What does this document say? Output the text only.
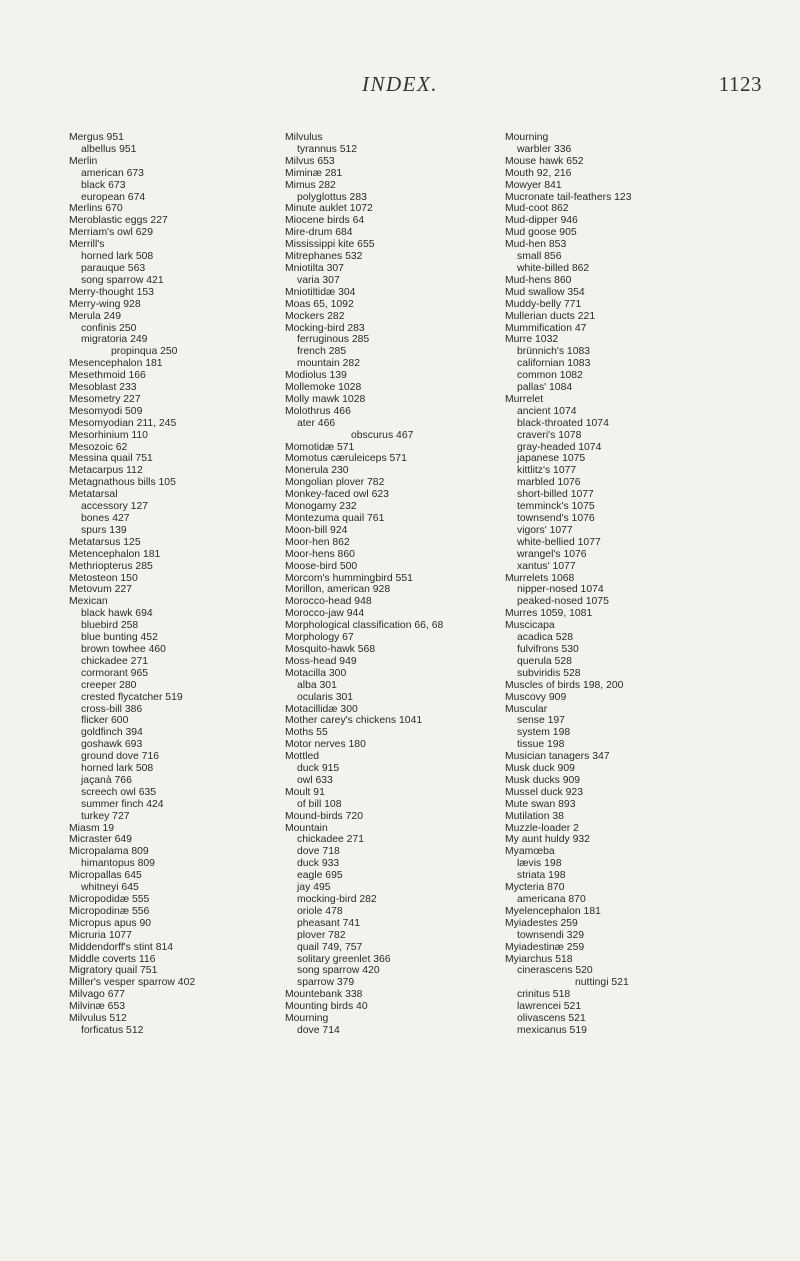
INDEX.	1123
Mergus 951
albellus 951
Merlin
american 673
black 673
european 674
Merlins 670
Meroblastic eggs 227
Merriam's owl 629
Merrill's
horned lark 508
parauque 563
song sparrow 421
Merry-thought 153
Merry-wing 928
Merula 249
confinis 250
migratoria 249
propinqua 250
Mesencephalon 181
Mesethmoid 166
Mesoblast 233
Mesometry 227
Mesomyodi 509
Mesomyodian 211, 245
Mesorhinium 110
Mesozoic 62
Messina quail 751
Metacarpus 112
Metagnathous bills 105
Metatarsal
accessory 127
bones 427
spurs 139
Metatarsus 125
Metencephalon 181
Methriopterus 285
Metosteon 150
Metovum 227
Mexican
black hawk 694
bluebird 258
blue bunting 452
brown towhee 460
chickadee 271
cormorant 965
creeper 280
crested flycatcher 519
cross-bill 386
flicker 600
goldfinch 394
goshawk 693
ground dove 716
horned lark 508
jaçanà 766
screech owl 635
summer finch 424
turkey 727
Miasm 19
Micraster 649
Micropalama 809
himantopus 809
Micropallas 645
whitneyi 645
Micropodidæ 555
Micropodinæ 556
Micropus apus 90
Micruria 1077
Middendorff's stint 814
Middle coverts 116
Migratory quail 751
Miller's vesper sparrow 402
Milvago 677
Milvinæ 653
Milvulus 512
forficatus 512
Milvulus
tyrannus 512
Milvus 653
Miminæ 281
Mimus 282
polyglottus 283
Minute auklet 1072
Miocene birds 64
Mire-drum 684
Mississippi kite 655
Mitrephanes 532
Mniotilta 307
varia 307
Mniotiltidæ 304
Moas 65, 1092
Mockers 282
Mocking-bird 283
ferruginous 285
french 285
mountain 282
Modiolus 139
Mollemoke 1028
Molly mawk 1028
Molothrus 466
ater 466
obscurus 467
Momotidæ 571
Momotus cæruleiceps 571
Monerula 230
Mongolian plover 782
Monkey-faced owl 623
Monogamy 232
Montezuma quail 761
Moon-bill 924
Moor-hen 862
Moor-hens 860
Moose-bird 500
Morcom's hummingbird 551
Morillon, american 928
Morocco-head 948
Morocco-jaw 944
Morphological classification 66, 68
Morphology 67
Mosquito-hawk 568
Moss-head 949
Motacilla 300
alba 301
ocularis 301
Motacillidæ 300
Mother carey's chickens 1041
Moths 55
Motor nerves 180
Mottled
duck 915
owl 633
Moult 91
of bill 108
Mound-birds 720
Mountain
chickadee 271
dove 718
duck 933
eagle 695
jay 495
mocking-bird 282
oriole 478
pheasant 741
plover 782
quail 749, 757
solitary greenlet 366
song sparrow 420
sparrow 379
Mountebank 338
Mounting birds 40
Mourning
dove 714
Mourning
warbler 336
Mouse hawk 652
Mouth 92, 216
Mowyer 841
Mucronate tail-feathers 123
Mud-coot 862
Mud-dipper 946
Mud goose 905
Mud-hen 853
small 856
white-billed 862
Mud-hens 860
Mud swallow 354
Muddy-belly 771
Mullerian ducts 221
Mummification 47
Murre 1032
brünnich's 1083
californian 1083
common 1082
pallas' 1084
Murrelet
ancient 1074
black-throated 1074
craveri's 1078
gray-headed 1074
japanese 1075
kittlitz's 1077
marbled 1076
short-billed 1077
temminck's 1075
townsend's 1076
vigors' 1077
white-bellied 1077
wrangel's 1076
xantus' 1077
Murrelets 1068
nipper-nosed 1074
peaked-nosed 1075
Murres 1059, 1081
Muscicapa
acadica 528
fulvifrons 530
querula 528
subviridis 528
Muscles of birds 198, 200
Muscovy 909
Muscular
sense 197
system 198
tissue 198
Musician tanagers 347
Musk duck 909
Musk ducks 909
Mussel duck 923
Mute swan 893
Mutilation 38
Muzzle-loader 2
My aunt huldy 932
Myamœba
lævis 198
striata 198
Mycteria 870
americana 870
Myelencephalon 181
Myiadestes 259
townsendi 329
Myiadestinæ 259
Myiarchus 518
cinerascens 520
nuttingi 521
crinitus 518
lawrencei 521
olivascens 521
mexicanus 519
